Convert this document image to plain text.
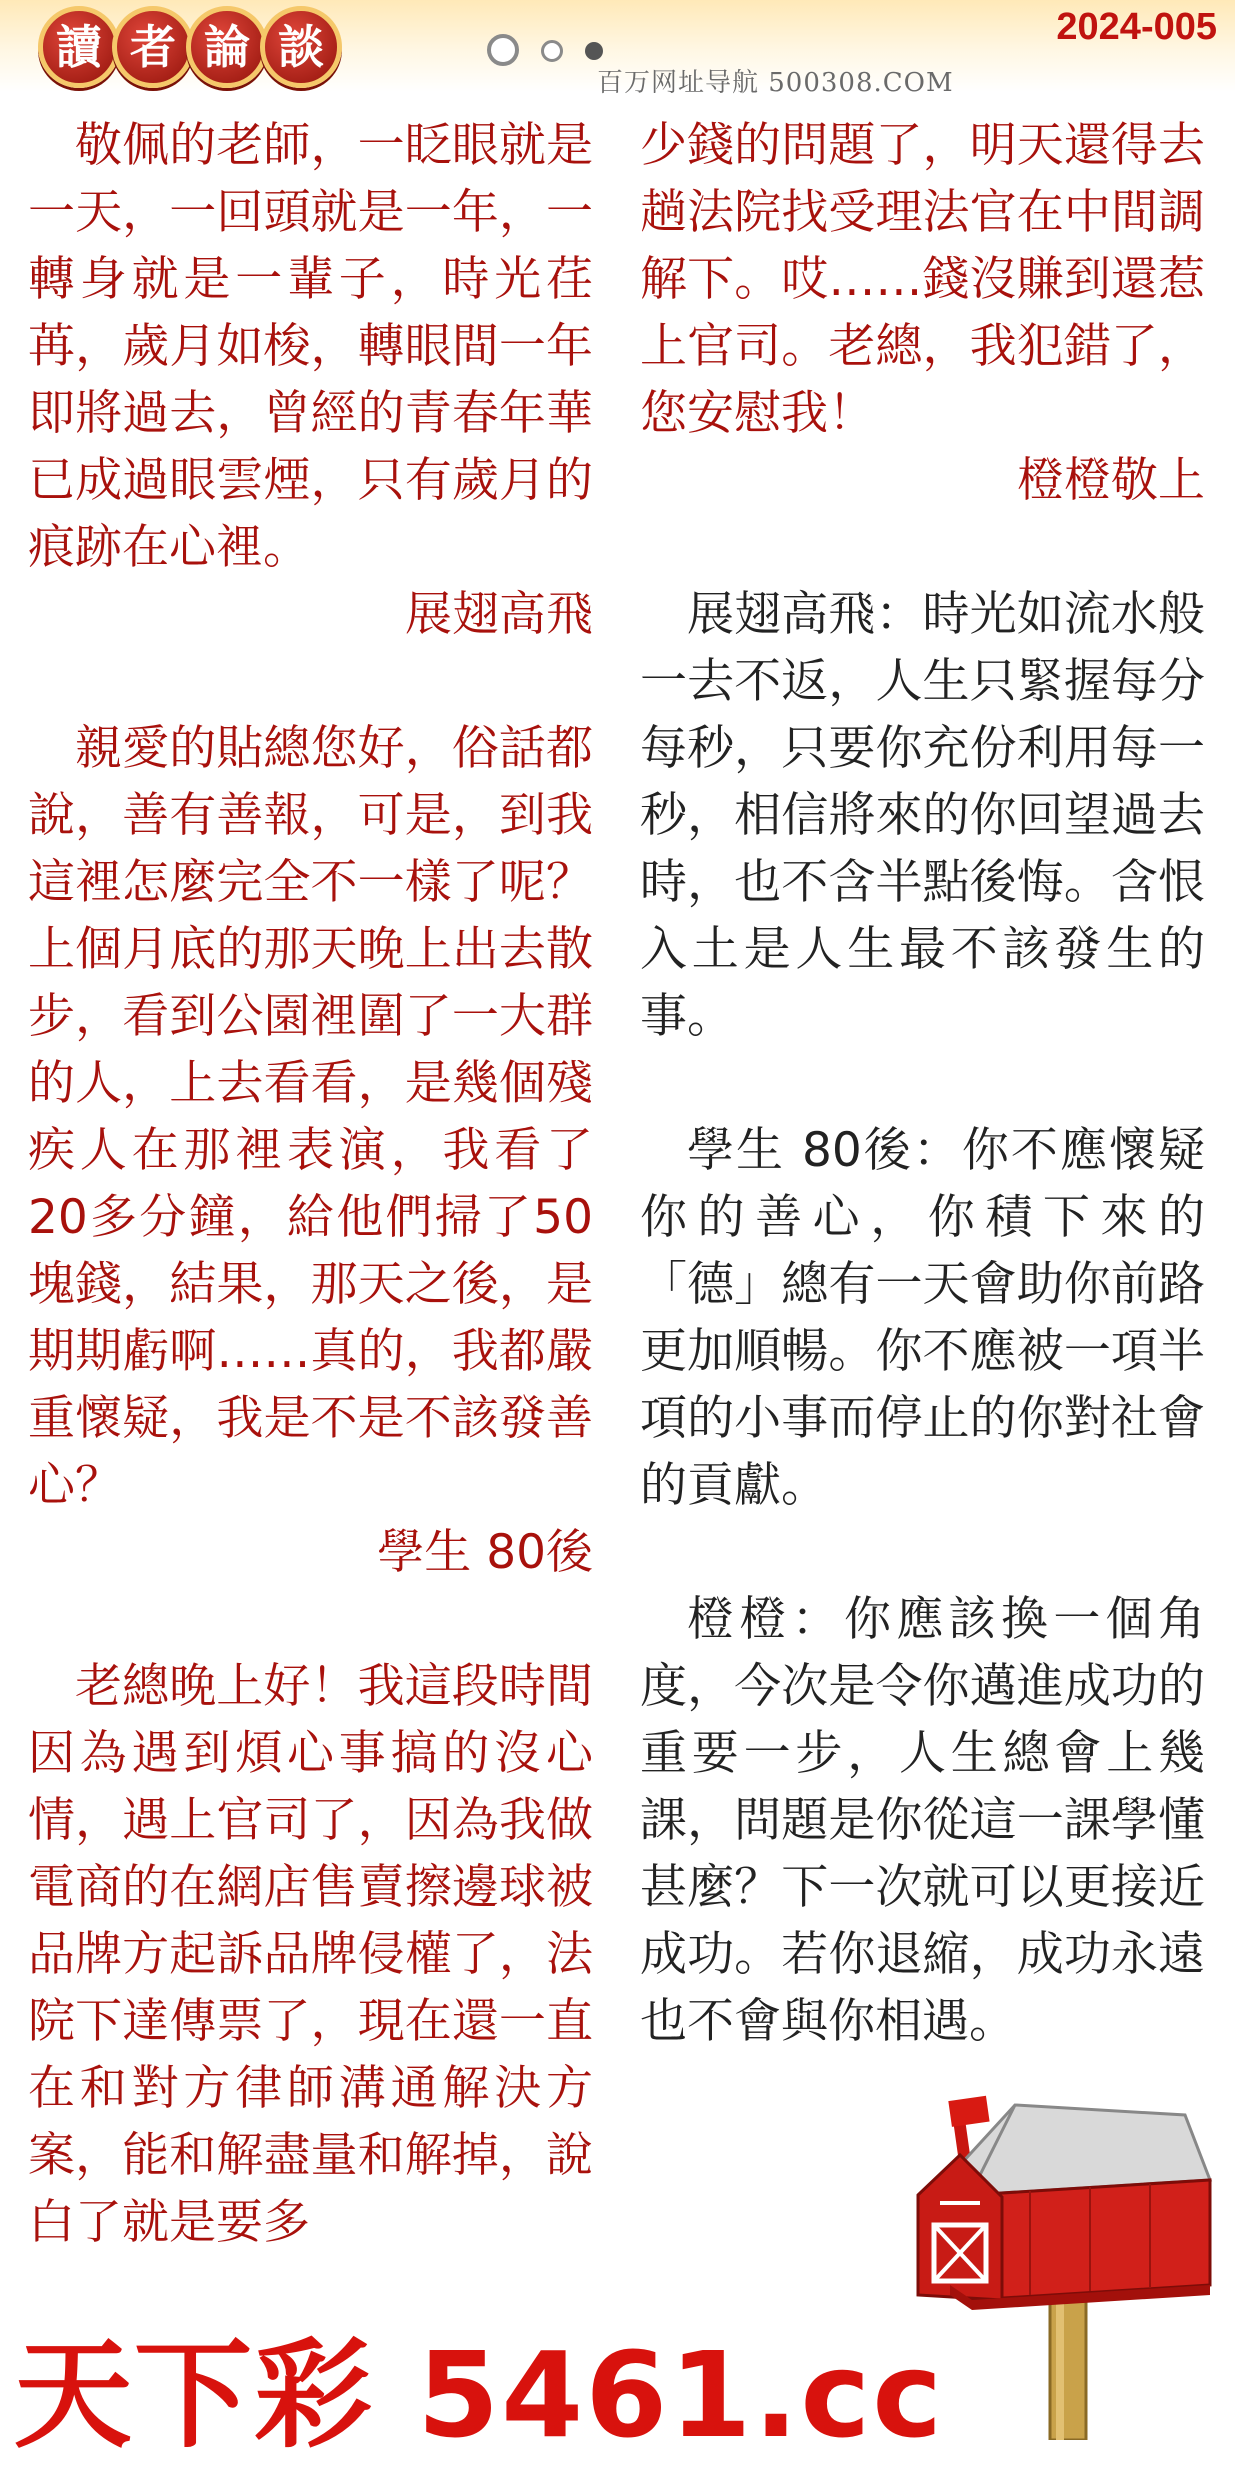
讀 者 論 談	2024-005
百万网址导航 500308.COM

敬佩的老師，一眨眼就是一天，一回頭就是一年，一轉身就是一輩子，時光荏苒，歲月如梭，轉眼間一年即將過去，曾經的青春年華已成過眼雲煙，只有歲月的痕跡在心裡。

展翅高飛

親愛的貼總您好，俗話都說，善有善報，可是，到我這裡怎麼完全不一樣了呢？上個月底的那天晚上出去散步，看到公園裡圍了一大群的人，上去看看，是幾個殘疾人在那裡表演，我看了20多分鐘，給他們掃了50塊錢，結果，那天之後，是期期虧啊……真的，我都嚴重懷疑，我是不是不該發善心？

學生 80後

老總晚上好！我這段時間因為遇到煩心事搞的沒心情，遇上官司了，因為我做電商的在網店售賣擦邊球被品牌方起訴品牌侵權了，法院下達傳票了，現在還一直在和對方律師溝通解決方案，能和解盡量和解掉，說白了就是要多

少錢的問題了，明天還得去趟法院找受理法官在中間調解下。哎……錢沒賺到還惹上官司。老總，我犯錯了，您安慰我！

橙橙敬上

展翅高飛：時光如流水般一去不返，人生只緊握每分每秒，只要你充份利用每一秒，相信將來的你回望過去時，也不含半點後悔。含恨入土是人生最不該發生的事。

學生 80後：你不應懷疑你的善心，你積下來的「德」總有一天會助你前路更加順暢。你不應被一項半項的小事而停止的你對社會的貢獻。

橙橙：你應該換一個角度，今次是令你邁進成功的重要一步，人生總會上幾課，問題是你從這一課學懂甚麼？下一次就可以更接近成功。若你退縮，成功永遠也不會與你相遇。

天下彩 5461.cc
